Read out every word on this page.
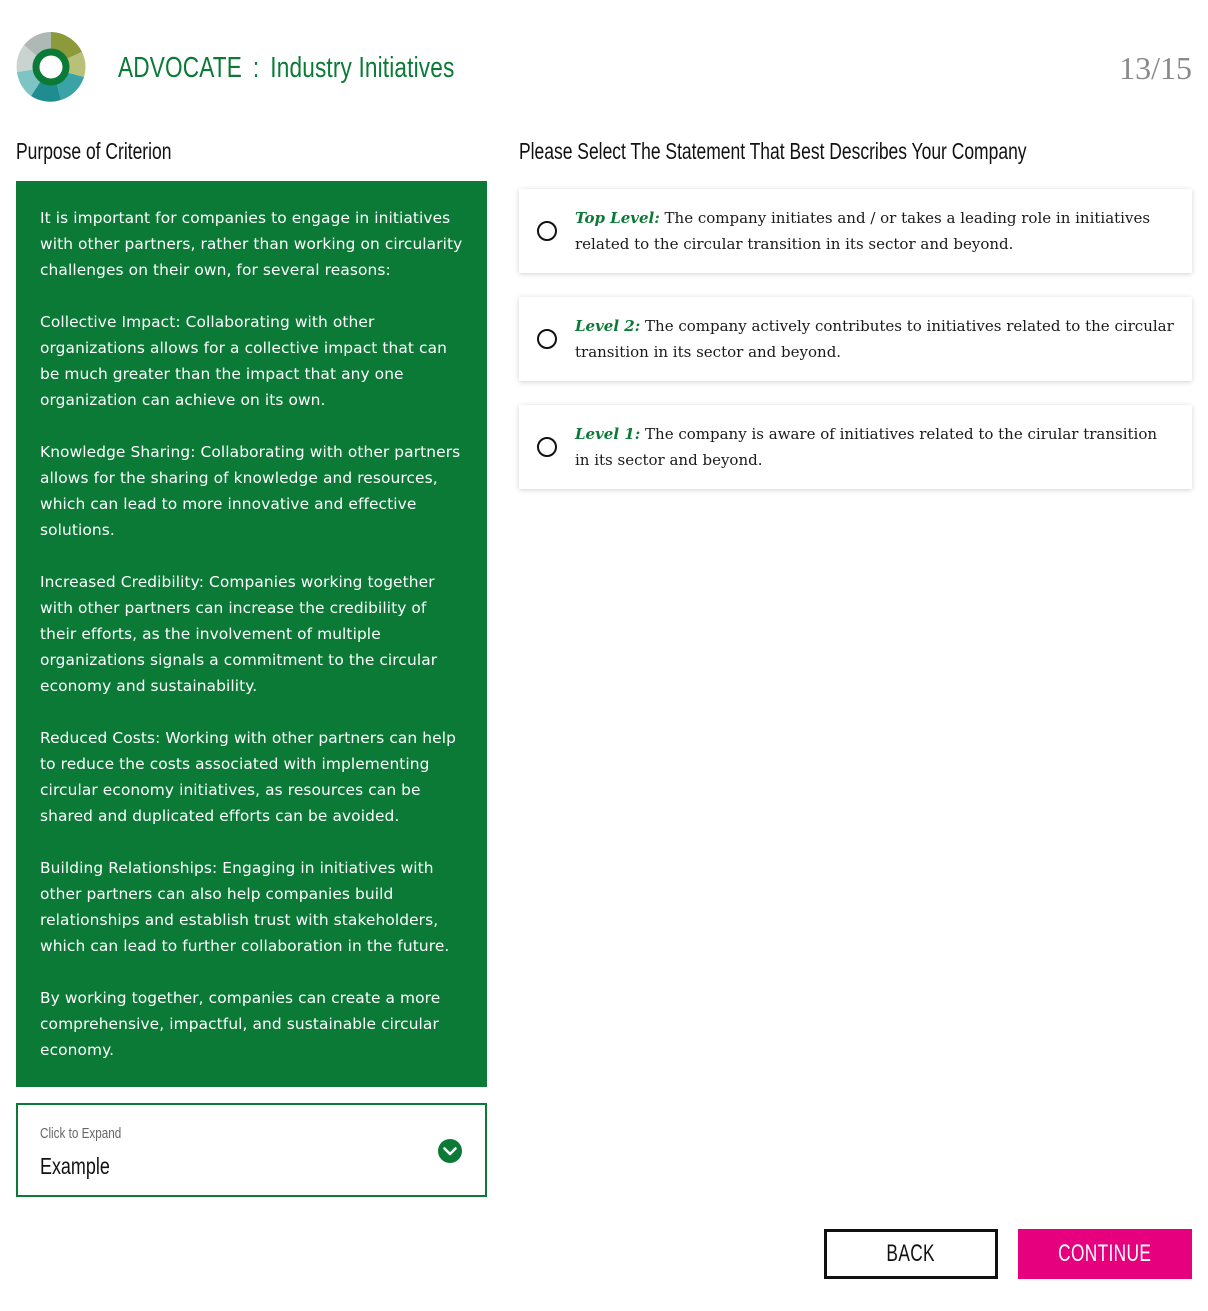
ADVOCATE : Industry Initiatives	13/15
Purpose of Criterion

It is important for companies to engage in initiatives with other partners, rather than working on circularity challenges on their own, for several reasons:

Collective Impact: Collaborating with other organizations allows for a collective impact that can be much greater than the impact that any one organization can achieve on its own.

Knowledge Sharing: Collaborating with other partners allows for the sharing of knowledge and resources, which can lead to more innovative and effective solutions.

Increased Credibility: Companies working together with other partners can increase the credibility of their efforts, as the involvement of multiple organizations signals a commitment to the circular economy and sustainability.

Reduced Costs: Working with other partners can help to reduce the costs associated with implementing circular economy initiatives, as resources can be shared and duplicated efforts can be avoided.

Building Relationships: Engaging in initiatives with other partners can also help companies build relationships and establish trust with stakeholders, which can lead to further collaboration in the future.

By working together, companies can create a more comprehensive, impactful, and sustainable circular economy.

Click to Expand
Example
Please Select The Statement That Best Describes Your Company
Top Level: The company initiates and / or takes a leading role in initiatives related to the circular transition in its sector and beyond.
Level 2: The company actively contributes to initiatives related to the circular transition in its sector and beyond.
Level 1: The company is aware of initiatives related to the cirular transition in its sector and beyond.
BACK	CONTINUE
